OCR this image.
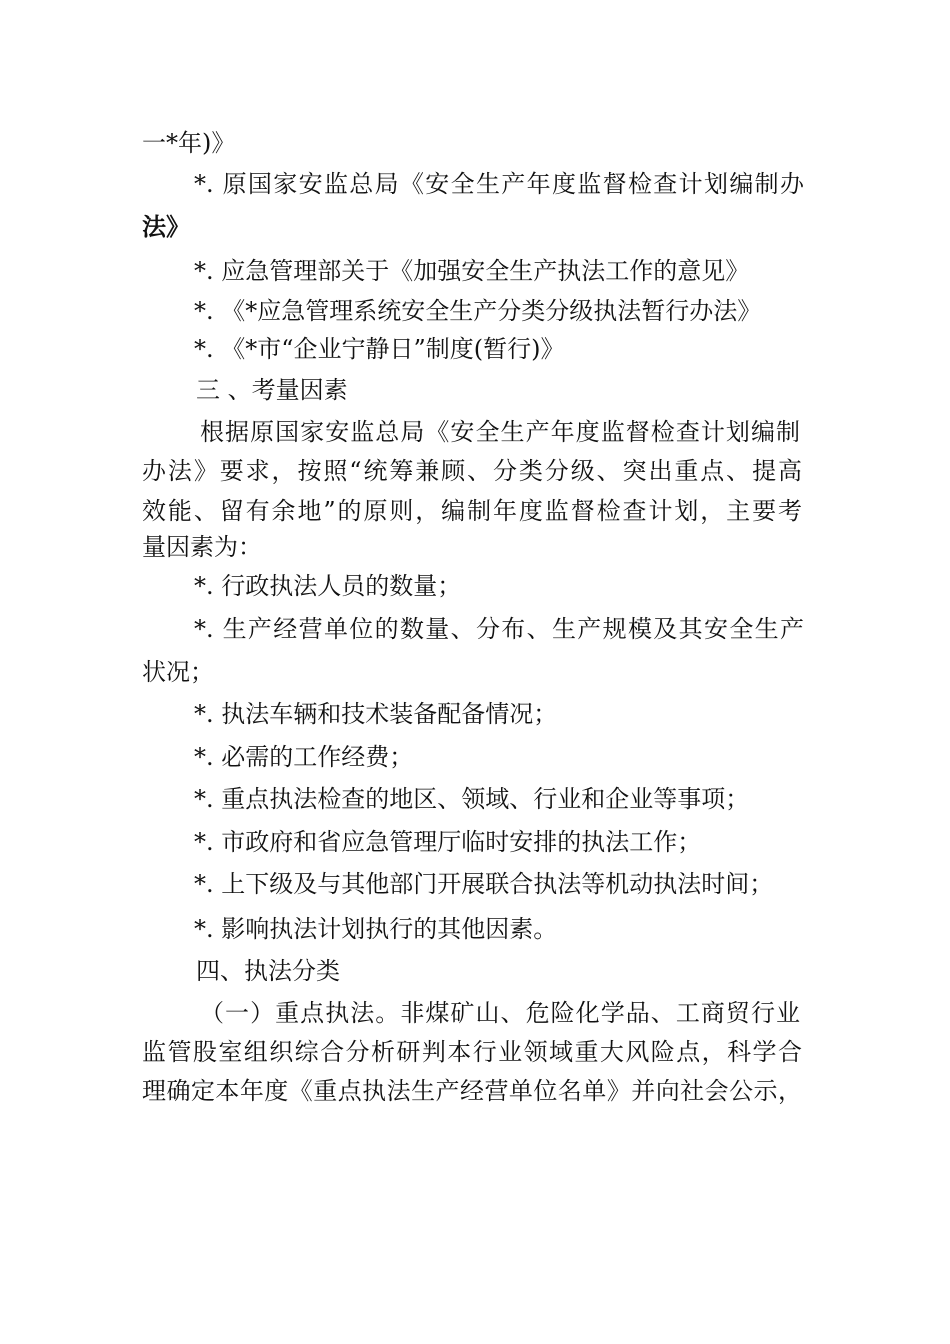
一*年)》
*. 原国家安监总局《安全生产年度监督检查计划编制办
法》
*. 应急管理部关于《加强安全生产执法工作的意见》
*. 《*应急管理系统安全生产分类分级执法暂行办法》
*. 《*市“企业宁静日”制度(暂行)》
三 、考量因素
根据原国家安监总局《安全生产年度监督检查计划编制
办法》要求，按照“统筹兼顾、分类分级、突出重点、提高
效能、留有余地”的原则，编制年度监督检查计划，主要考
量因素为：
*. 行政执法人员的数量；
*. 生产经营单位的数量、分布、生产规模及其安全生产
状况；
*. 执法车辆和技术装备配备情况；
*. 必需的工作经费；
*. 重点执法检查的地区、领域、行业和企业等事项；
*. 市政府和省应急管理厅临时安排的执法工作；
*. 上下级及与其他部门开展联合执法等机动执法时间；
*. 影响执法计划执行的其他因素。
四、执法分类
（一）重点执法。非煤矿山、危险化学品、工商贸行业
监管股室组织综合分析研判本行业领域重大风险点，科学合
理确定本年度《重点执法生产经营单位名单》并向社会公示，
